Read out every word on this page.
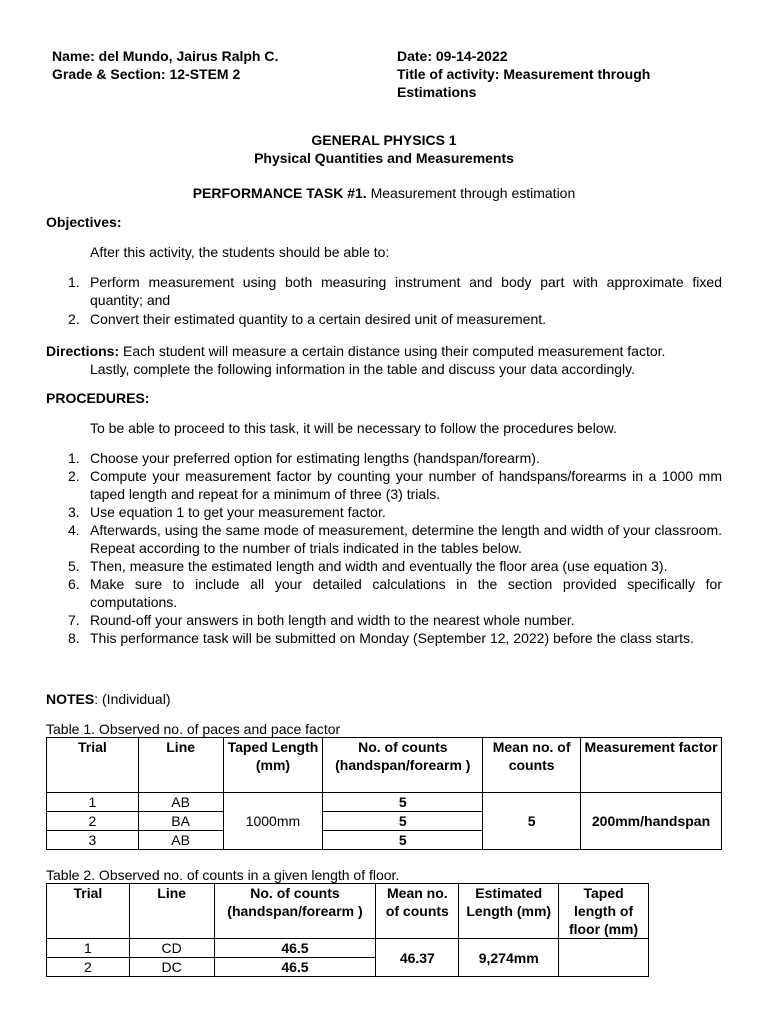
Name: del Mundo, Jairus Ralph C.
Grade & Section: 12-STEM 2
Date: 09-14-2022
Title of activity: Measurement through
Estimations
GENERAL PHYSICS 1
Physical Quantities and Measurements
PERFORMANCE TASK #1. Measurement through estimation
Objectives:
After this activity, the students should be able to:
1. Perform measurement using both measuring instrument and body part with approximate fixed quantity; and
2. Convert their estimated quantity to a certain desired unit of measurement.
Directions: Each student will measure a certain distance using their computed measurement factor.
Lastly, complete the following information in the table and discuss your data accordingly.
PROCEDURES:
To be able to proceed to this task, it will be necessary to follow the procedures below.
1. Choose your preferred option for estimating lengths (handspan/forearm).
2. Compute your measurement factor by counting your number of handspans/forearms in a 1000 mm taped length and repeat for a minimum of three (3) trials.
3. Use equation 1 to get your measurement factor.
4. Afterwards, using the same mode of measurement, determine the length and width of your classroom. Repeat according to the number of trials indicated in the tables below.
5. Then, measure the estimated length and width and eventually the floor area (use equation 3).
6. Make sure to include all your detailed calculations in the section provided specifically for computations.
7. Round-off your answers in both length and width to the nearest whole number.
8. This performance task will be submitted on Monday (September 12, 2022) before the class starts.
NOTES: (Individual)
Table 1. Observed no. of paces and pace factor
Trial	Line	Taped Length (mm)	No. of counts (handspan/forearm )	Mean no. of counts	Measurement factor
1	AB	1000mm	5	5	200mm/handspan
2	BA		5		
3	AB		5		
Table 2. Observed no. of counts in a given length of floor.
Trial	Line	No. of counts (handspan/forearm )	Mean no. of counts	Estimated Length (mm)	Taped length of floor (mm)
1	CD	46.5	46.37	9,274mm	
2	DC	46.5			
